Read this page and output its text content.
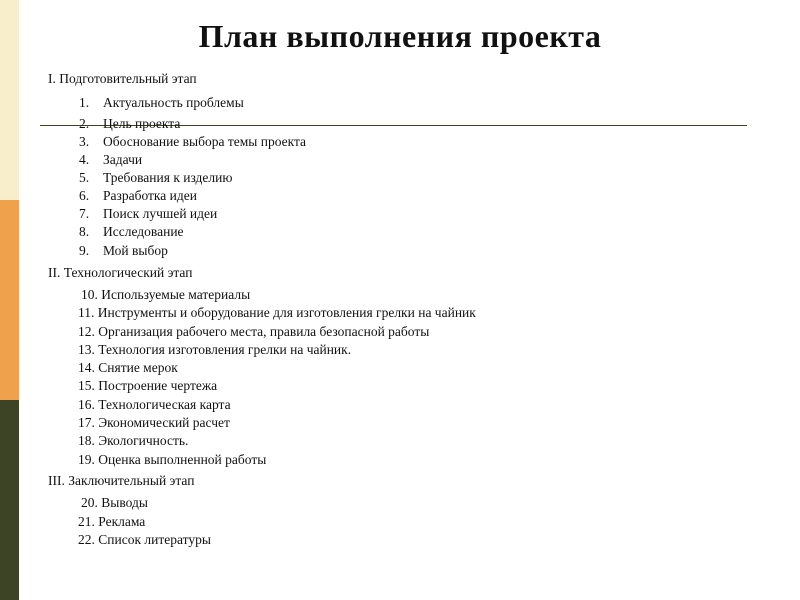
План выполнения проекта
I. Подготовительный этап
1. Актуальность проблемы
2. Цель проекта
3. Обоснование выбора темы проекта
4. Задачи
5. Требования к изделию
6. Разработка идеи
7. Поиск лучшей идеи
8. Исследование
9. Мой выбор
II. Технологический этап
10. Используемые материалы
11. Инструменты и оборудование для изготовления грелки на чайник
12. Организация рабочего места, правила безопасной работы
13. Технология изготовления грелки на чайник.
14. Снятие мерок
15. Построение чертежа
16. Технологическая карта
17. Экономический расчет
18. Экологичность.
19. Оценка выполненной работы
III. Заключительный этап
20. Выводы
21. Реклама
22. Список литературы
